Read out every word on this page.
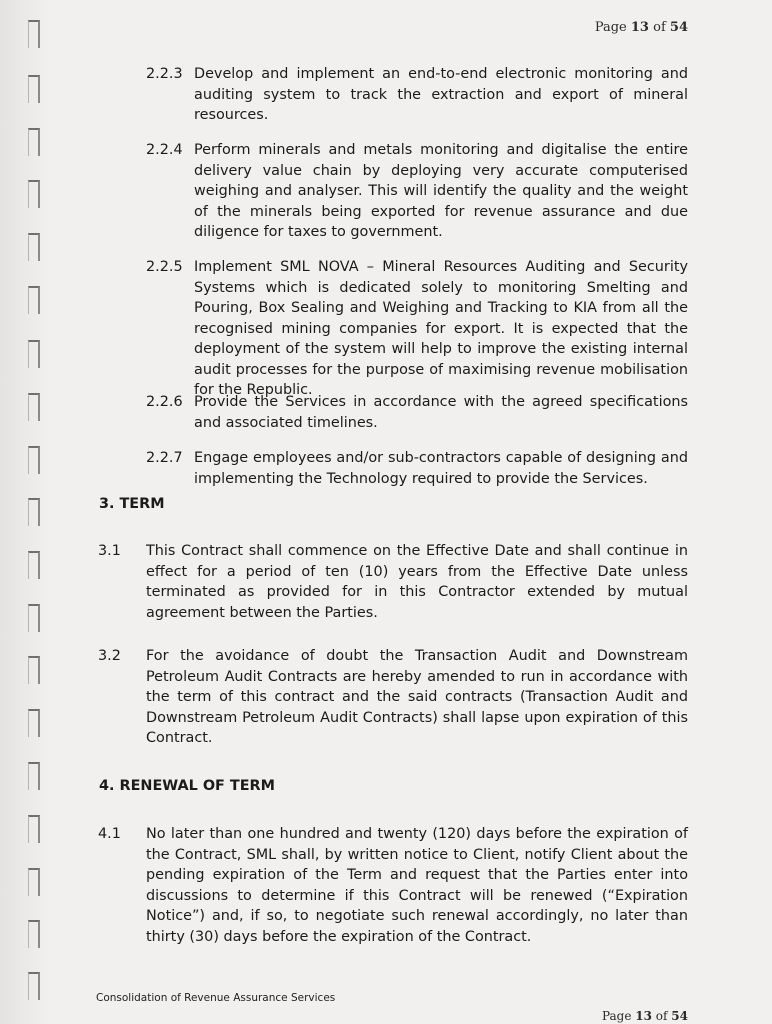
Page 13 of 54
2.2.3 Develop and implement an end-to-end electronic monitoring and auditing system to track the extraction and export of mineral resources.
2.2.4 Perform minerals and metals monitoring and digitalise the entire delivery value chain by deploying very accurate computerised weighing and analyser. This will identify the quality and the weight of the minerals being exported for revenue assurance and due diligence for taxes to government.
2.2.5 Implement SML NOVA – Mineral Resources Auditing and Security Systems which is dedicated solely to monitoring Smelting and Pouring, Box Sealing and Weighing and Tracking to KIA from all the recognised mining companies for export. It is expected that the deployment of the system will help to improve the existing internal audit processes for the purpose of maximising revenue mobilisation for the Republic.
2.2.6 Provide the Services in accordance with the agreed specifications and associated timelines.
2.2.7 Engage employees and/or sub-contractors capable of designing and implementing the Technology required to provide the Services.
3. TERM
3.1 This Contract shall commence on the Effective Date and shall continue in effect for a period of ten (10) years from the Effective Date unless terminated as provided for in this Contractor extended by mutual agreement between the Parties.
3.2 For the avoidance of doubt the Transaction Audit and Downstream Petroleum Audit Contracts are hereby amended to run in accordance with the term of this contract and the said contracts (Transaction Audit and Downstream Petroleum Audit Contracts) shall lapse upon expiration of this Contract.
4. RENEWAL OF TERM
4.1 No later than one hundred and twenty (120) days before the expiration of the Contract, SML shall, by written notice to Client, notify Client about the pending expiration of the Term and request that the Parties enter into discussions to determine if this Contract will be renewed (“Expiration Notice”) and, if so, to negotiate such renewal accordingly, no later than thirty (30) days before the expiration of the Contract.
Consolidation of Revenue Assurance Services
Page 13 of 54
